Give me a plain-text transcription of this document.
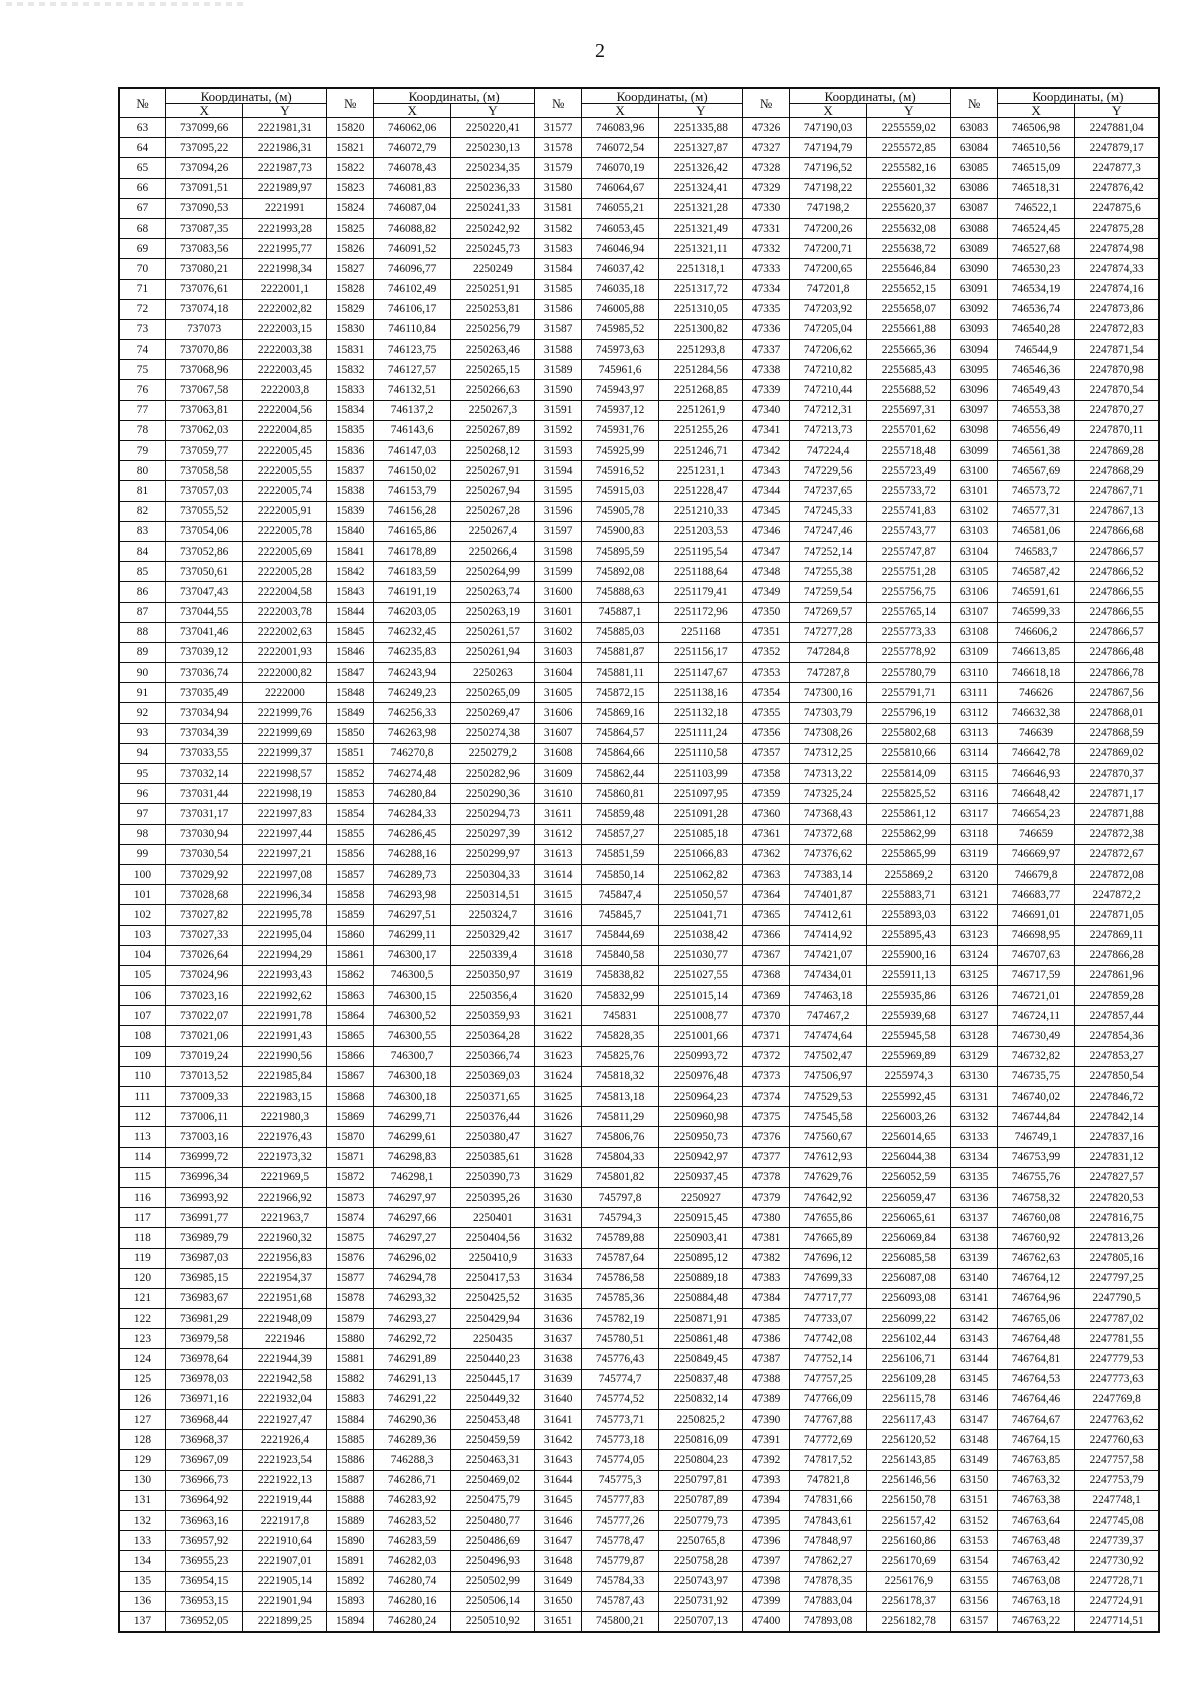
2
№	Координаты, (м)		№	Координаты, (м)		№	Координаты, (м)		№	Координаты, (м)		№	Координаты, (м)	
	X	Y		X	Y		X	Y		X	Y		X	Y
63	737099,66	2221981,31	15820	746062,06	2250220,41	31577	746083,96	2251335,88	47326	747190,03	2255559,02	63083	746506,98	2247881,04
64	737095,22	2221986,31	15821	746072,79	2250230,13	31578	746072,54	2251327,87	47327	747194,79	2255572,85	63084	746510,56	2247879,17
65	737094,26	2221987,73	15822	746078,43	2250234,35	31579	746070,19	2251326,42	47328	747196,52	2255582,16	63085	746515,09	2247877,3
66	737091,51	2221989,97	15823	746081,83	2250236,33	31580	746064,67	2251324,41	47329	747198,22	2255601,32	63086	746518,31	2247876,42
67	737090,53	2221991	15824	746087,04	2250241,33	31581	746055,21	2251321,28	47330	747198,2	2255620,37	63087	746522,1	2247875,6
68	737087,35	2221993,28	15825	746088,82	2250242,92	31582	746053,45	2251321,49	47331	747200,26	2255632,08	63088	746524,45	2247875,28
69	737083,56	2221995,77	15826	746091,52	2250245,73	31583	746046,94	2251321,11	47332	747200,71	2255638,72	63089	746527,68	2247874,98
70	737080,21	2221998,34	15827	746096,77	2250249	31584	746037,42	2251318,1	47333	747200,65	2255646,84	63090	746530,23	2247874,33
71	737076,61	2222001,1	15828	746102,49	2250251,91	31585	746035,18	2251317,72	47334	747201,8	2255652,15	63091	746534,19	2247874,16
72	737074,18	2222002,82	15829	746106,17	2250253,81	31586	746005,88	2251310,05	47335	747203,92	2255658,07	63092	746536,74	2247873,86
73	737073	2222003,15	15830	746110,84	2250256,79	31587	745985,52	2251300,82	47336	747205,04	2255661,88	63093	746540,28	2247872,83
74	737070,86	2222003,38	15831	746123,75	2250263,46	31588	745973,63	2251293,8	47337	747206,62	2255665,36	63094	746544,9	2247871,54
75	737068,96	2222003,45	15832	746127,57	2250265,15	31589	745961,6	2251284,56	47338	747210,82	2255685,43	63095	746546,36	2247870,98
76	737067,58	2222003,8	15833	746132,51	2250266,63	31590	745943,97	2251268,85	47339	747210,44	2255688,52	63096	746549,43	2247870,54
77	737063,81	2222004,56	15834	746137,2	2250267,3	31591	745937,12	2251261,9	47340	747212,31	2255697,31	63097	746553,38	2247870,27
78	737062,03	2222004,85	15835	746143,6	2250267,89	31592	745931,76	2251255,26	47341	747213,73	2255701,62	63098	746556,49	2247870,11
79	737059,77	2222005,45	15836	746147,03	2250268,12	31593	745925,99	2251246,71	47342	747224,4	2255718,48	63099	746561,38	2247869,28
80	737058,58	2222005,55	15837	746150,02	2250267,91	31594	745916,52	2251231,1	47343	747229,56	2255723,49	63100	746567,69	2247868,29
81	737057,03	2222005,74	15838	746153,79	2250267,94	31595	745915,03	2251228,47	47344	747237,65	2255733,72	63101	746573,72	2247867,71
82	737055,52	2222005,91	15839	746156,28	2250267,28	31596	745905,78	2251210,33	47345	747245,33	2255741,83	63102	746577,31	2247867,13
83	737054,06	2222005,78	15840	746165,86	2250267,4	31597	745900,83	2251203,53	47346	747247,46	2255743,77	63103	746581,06	2247866,68
84	737052,86	2222005,69	15841	746178,89	2250266,4	31598	745895,59	2251195,54	47347	747252,14	2255747,87	63104	746583,7	2247866,57
85	737050,61	2222005,28	15842	746183,59	2250264,99	31599	745892,08	2251188,64	47348	747255,38	2255751,28	63105	746587,42	2247866,52
86	737047,43	2222004,58	15843	746191,19	2250263,74	31600	745888,63	2251179,41	47349	747259,54	2255756,75	63106	746591,61	2247866,55
87	737044,55	2222003,78	15844	746203,05	2250263,19	31601	745887,1	2251172,96	47350	747269,57	2255765,14	63107	746599,33	2247866,55
88	737041,46	2222002,63	15845	746232,45	2250261,57	31602	745885,03	2251168	47351	747277,28	2255773,33	63108	746606,2	2247866,57
89	737039,12	2222001,93	15846	746235,83	2250261,94	31603	745881,87	2251156,17	47352	747284,8	2255778,92	63109	746613,85	2247866,48
90	737036,74	2222000,82	15847	746243,94	2250263	31604	745881,11	2251147,67	47353	747287,8	2255780,79	63110	746618,18	2247866,78
91	737035,49	2222000	15848	746249,23	2250265,09	31605	745872,15	2251138,16	47354	747300,16	2255791,71	63111	746626	2247867,56
92	737034,94	2221999,76	15849	746256,33	2250269,47	31606	745869,16	2251132,18	47355	747303,79	2255796,19	63112	746632,38	2247868,01
93	737034,39	2221999,69	15850	746263,98	2250274,38	31607	745864,57	2251111,24	47356	747308,26	2255802,68	63113	746639	2247868,59
94	737033,55	2221999,37	15851	746270,8	2250279,2	31608	745864,66	2251110,58	47357	747312,25	2255810,66	63114	746642,78	2247869,02
95	737032,14	2221998,57	15852	746274,48	2250282,96	31609	745862,44	2251103,99	47358	747313,22	2255814,09	63115	746646,93	2247870,37
96	737031,44	2221998,19	15853	746280,84	2250290,36	31610	745860,81	2251097,95	47359	747325,24	2255825,52	63116	746648,42	2247871,17
97	737031,17	2221997,83	15854	746284,33	2250294,73	31611	745859,48	2251091,28	47360	747368,43	2255861,12	63117	746654,23	2247871,88
98	737030,94	2221997,44	15855	746286,45	2250297,39	31612	745857,27	2251085,18	47361	747372,68	2255862,99	63118	746659	2247872,38
99	737030,54	2221997,21	15856	746288,16	2250299,97	31613	745851,59	2251066,83	47362	747376,62	2255865,99	63119	746669,97	2247872,67
100	737029,92	2221997,08	15857	746289,73	2250304,33	31614	745850,14	2251062,82	47363	747383,14	2255869,2	63120	746679,8	2247872,08
101	737028,68	2221996,34	15858	746293,98	2250314,51	31615	745847,4	2251050,57	47364	747401,87	2255883,71	63121	746683,77	2247872,2
102	737027,82	2221995,78	15859	746297,51	2250324,7	31616	745845,7	2251041,71	47365	747412,61	2255893,03	63122	746691,01	2247871,05
103	737027,33	2221995,04	15860	746299,11	2250329,42	31617	745844,69	2251038,42	47366	747414,92	2255895,43	63123	746698,95	2247869,11
104	737026,64	2221994,29	15861	746300,17	2250339,4	31618	745840,58	2251030,77	47367	747421,07	2255900,16	63124	746707,63	2247866,28
105	737024,96	2221993,43	15862	746300,5	2250350,97	31619	745838,82	2251027,55	47368	747434,01	2255911,13	63125	746717,59	2247861,96
106	737023,16	2221992,62	15863	746300,15	2250356,4	31620	745832,99	2251015,14	47369	747463,18	2255935,86	63126	746721,01	2247859,28
107	737022,07	2221991,78	15864	746300,52	2250359,93	31621	745831	2251008,77	47370	747467,2	2255939,68	63127	746724,11	2247857,44
108	737021,06	2221991,43	15865	746300,55	2250364,28	31622	745828,35	2251001,66	47371	747474,64	2255945,58	63128	746730,49	2247854,36
109	737019,24	2221990,56	15866	746300,7	2250366,74	31623	745825,76	2250993,72	47372	747502,47	2255969,89	63129	746732,82	2247853,27
110	737013,52	2221985,84	15867	746300,18	2250369,03	31624	745818,32	2250976,48	47373	747506,97	2255974,3	63130	746735,75	2247850,54
111	737009,33	2221983,15	15868	746300,18	2250371,65	31625	745813,18	2250964,23	47374	747529,53	2255992,45	63131	746740,02	2247846,72
112	737006,11	2221980,3	15869	746299,71	2250376,44	31626	745811,29	2250960,98	47375	747545,58	2256003,26	63132	746744,84	2247842,14
113	737003,16	2221976,43	15870	746299,61	2250380,47	31627	745806,76	2250950,73	47376	747560,67	2256014,65	63133	746749,1	2247837,16
114	736999,72	2221973,32	15871	746298,83	2250385,61	31628	745804,33	2250942,97	47377	747612,93	2256044,38	63134	746753,99	2247831,12
115	736996,34	2221969,5	15872	746298,1	2250390,73	31629	745801,82	2250937,45	47378	747629,76	2256052,59	63135	746755,76	2247827,57
116	736993,92	2221966,92	15873	746297,97	2250395,26	31630	745797,8	2250927	47379	747642,92	2256059,47	63136	746758,32	2247820,53
117	736991,77	2221963,7	15874	746297,66	2250401	31631	745794,3	2250915,45	47380	747655,86	2256065,61	63137	746760,08	2247816,75
118	736989,79	2221960,32	15875	746297,27	2250404,56	31632	745789,88	2250903,41	47381	747665,89	2256069,84	63138	746760,92	2247813,26
119	736987,03	2221956,83	15876	746296,02	2250410,9	31633	745787,64	2250895,12	47382	747696,12	2256085,58	63139	746762,63	2247805,16
120	736985,15	2221954,37	15877	746294,78	2250417,53	31634	745786,58	2250889,18	47383	747699,33	2256087,08	63140	746764,12	2247797,25
121	736983,67	2221951,68	15878	746293,32	2250425,52	31635	745785,36	2250884,48	47384	747717,77	2256093,08	63141	746764,96	2247790,5
122	736981,29	2221948,09	15879	746293,27	2250429,94	31636	745782,19	2250871,91	47385	747733,07	2256099,22	63142	746765,06	2247787,02
123	736979,58	2221946	15880	746292,72	2250435	31637	745780,51	2250861,48	47386	747742,08	2256102,44	63143	746764,48	2247781,55
124	736978,64	2221944,39	15881	746291,89	2250440,23	31638	745776,43	2250849,45	47387	747752,14	2256106,71	63144	746764,81	2247779,53
125	736978,03	2221942,58	15882	746291,13	2250445,17	31639	745774,7	2250837,48	47388	747757,25	2256109,28	63145	746764,53	2247773,63
126	736971,16	2221932,04	15883	746291,22	2250449,32	31640	745774,52	2250832,14	47389	747766,09	2256115,78	63146	746764,46	2247769,8
127	736968,44	2221927,47	15884	746290,36	2250453,48	31641	745773,71	2250825,2	47390	747767,88	2256117,43	63147	746764,67	2247763,62
128	736968,37	2221926,4	15885	746289,36	2250459,59	31642	745773,18	2250816,09	47391	747772,69	2256120,52	63148	746764,15	2247760,63
129	736967,09	2221923,54	15886	746288,3	2250463,31	31643	745774,05	2250804,23	47392	747817,52	2256143,85	63149	746763,85	2247757,58
130	736966,73	2221922,13	15887	746286,71	2250469,02	31644	745775,3	2250797,81	47393	747821,8	2256146,56	63150	746763,32	2247753,79
131	736964,92	2221919,44	15888	746283,92	2250475,79	31645	745777,83	2250787,89	47394	747831,66	2256150,78	63151	746763,38	2247748,1
132	736963,16	2221917,8	15889	746283,52	2250480,77	31646	745777,26	2250779,73	47395	747843,61	2256157,42	63152	746763,64	2247745,08
133	736957,92	2221910,64	15890	746283,59	2250486,69	31647	745778,47	2250765,8	47396	747848,97	2256160,86	63153	746763,48	2247739,37
134	736955,23	2221907,01	15891	746282,03	2250496,93	31648	745779,87	2250758,28	47397	747862,27	2256170,69	63154	746763,42	2247730,92
135	736954,15	2221905,14	15892	746280,74	2250502,99	31649	745784,33	2250743,97	47398	747878,35	2256176,9	63155	746763,08	2247728,71
136	736953,15	2221901,94	15893	746280,16	2250506,14	31650	745787,43	2250731,92	47399	747883,04	2256178,37	63156	746763,18	2247724,91
137	736952,05	2221899,25	15894	746280,24	2250510,92	31651	745800,21	2250707,13	47400	747893,08	2256182,78	63157	746763,22	2247714,51
